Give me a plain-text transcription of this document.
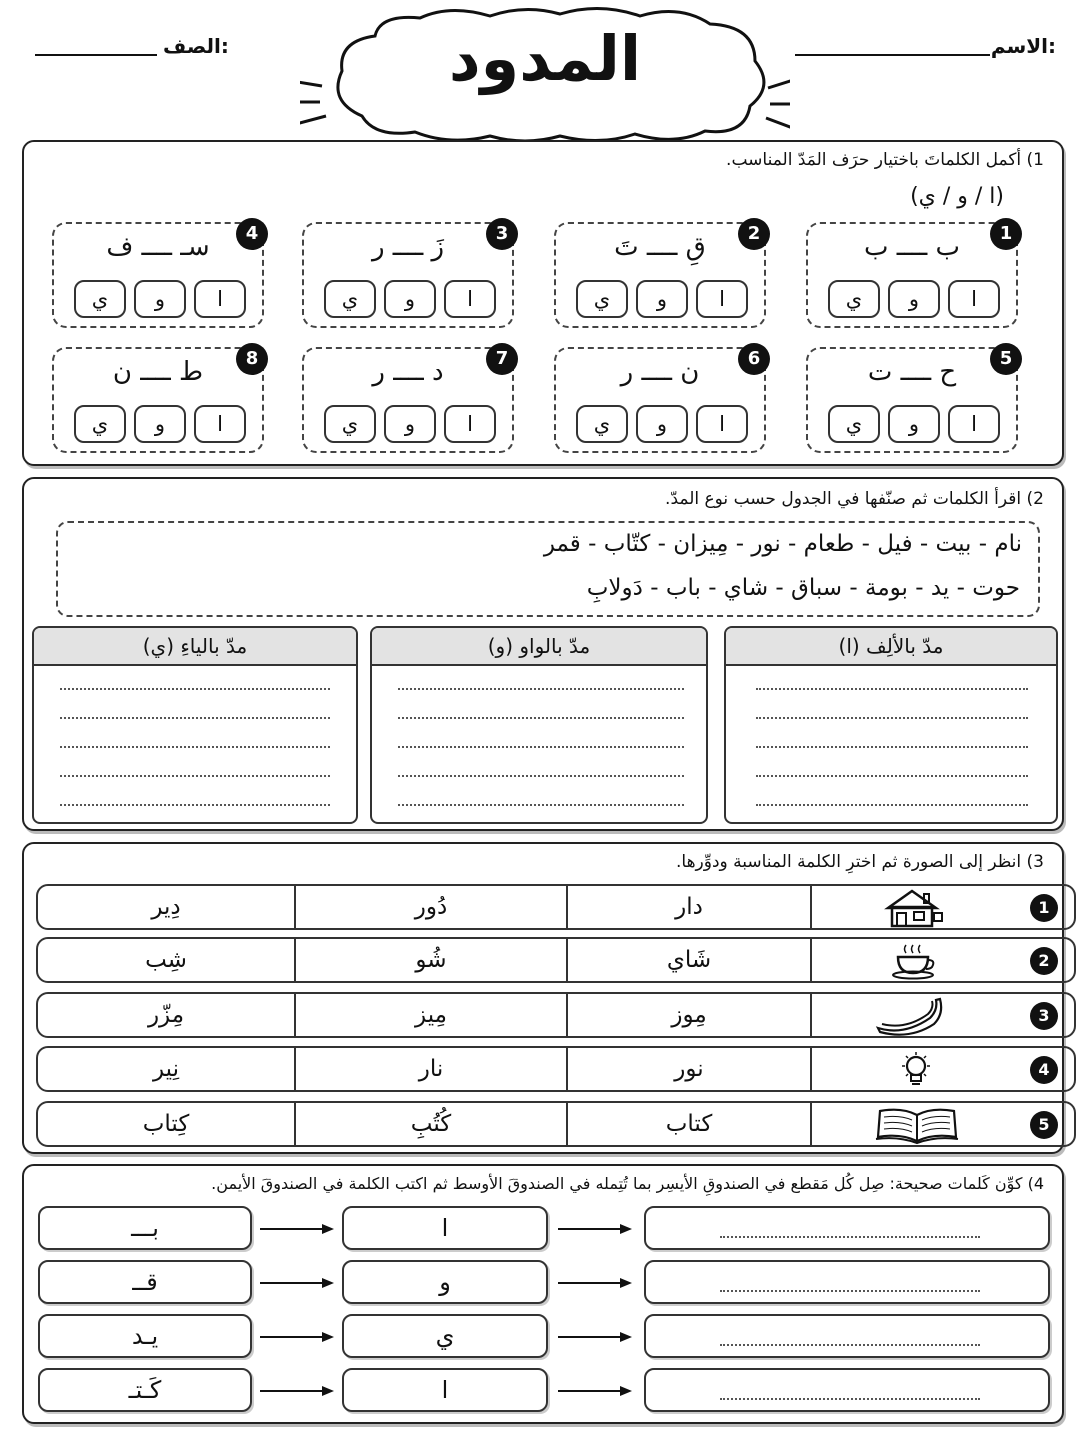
الاسم:
الصف:	المدود
1) أكمل الكلماتَ باختيار حرَف المَدّ المناسب.
(ا / و / ي)
ب ــــ ب
ا
و
ي
1
قِ ــــ تَ
ا
و
ي
2
زَ ــــ ر
ا
و
ي
3
سـ ــــ ف
ا
و
ي
4
ح ــــ ت
ا
و
ي
5
ن ــــ ر
ا
و
ي
6
د ــــ ر
ا
و
ي
7
ط ــــ ن
ا
و
ي
8
2) اقرأ الكلمات ثم صنّفها في الجدول حسب نوع المدّ.
نام - بيت - فيل - طعام - نور - مِيزان - كتّاب - قمر
حوت - يد - بومة - سباق - شاي - باب - دَولابِ
مدّ بالألِف (ا)
مدّ بالواو (و)
مدّ بالياءِ (ي)
3) انظر إلى الصورة ثم اخترِ الكلمة المناسبة ودوِّرها.
1
دار
دُور
دِير
2
شَاي
شُو
شِب
3
مِوز
مِيز
مِزّر
4
نور
نار
نِير
5
كتاب
كُتُبِ
كِتاب
4) كوِّن كَلمات صحيحة: صِل كُل مَقطع في الصندوقِ الأيسِر بما تُتِمله في الصندوقَ الأوسط ثم اكتب الكلمة في الصندوقَ الأيمن.
بـــ	ا
قــ	و
يـد	ي
كَـتـ	ا
